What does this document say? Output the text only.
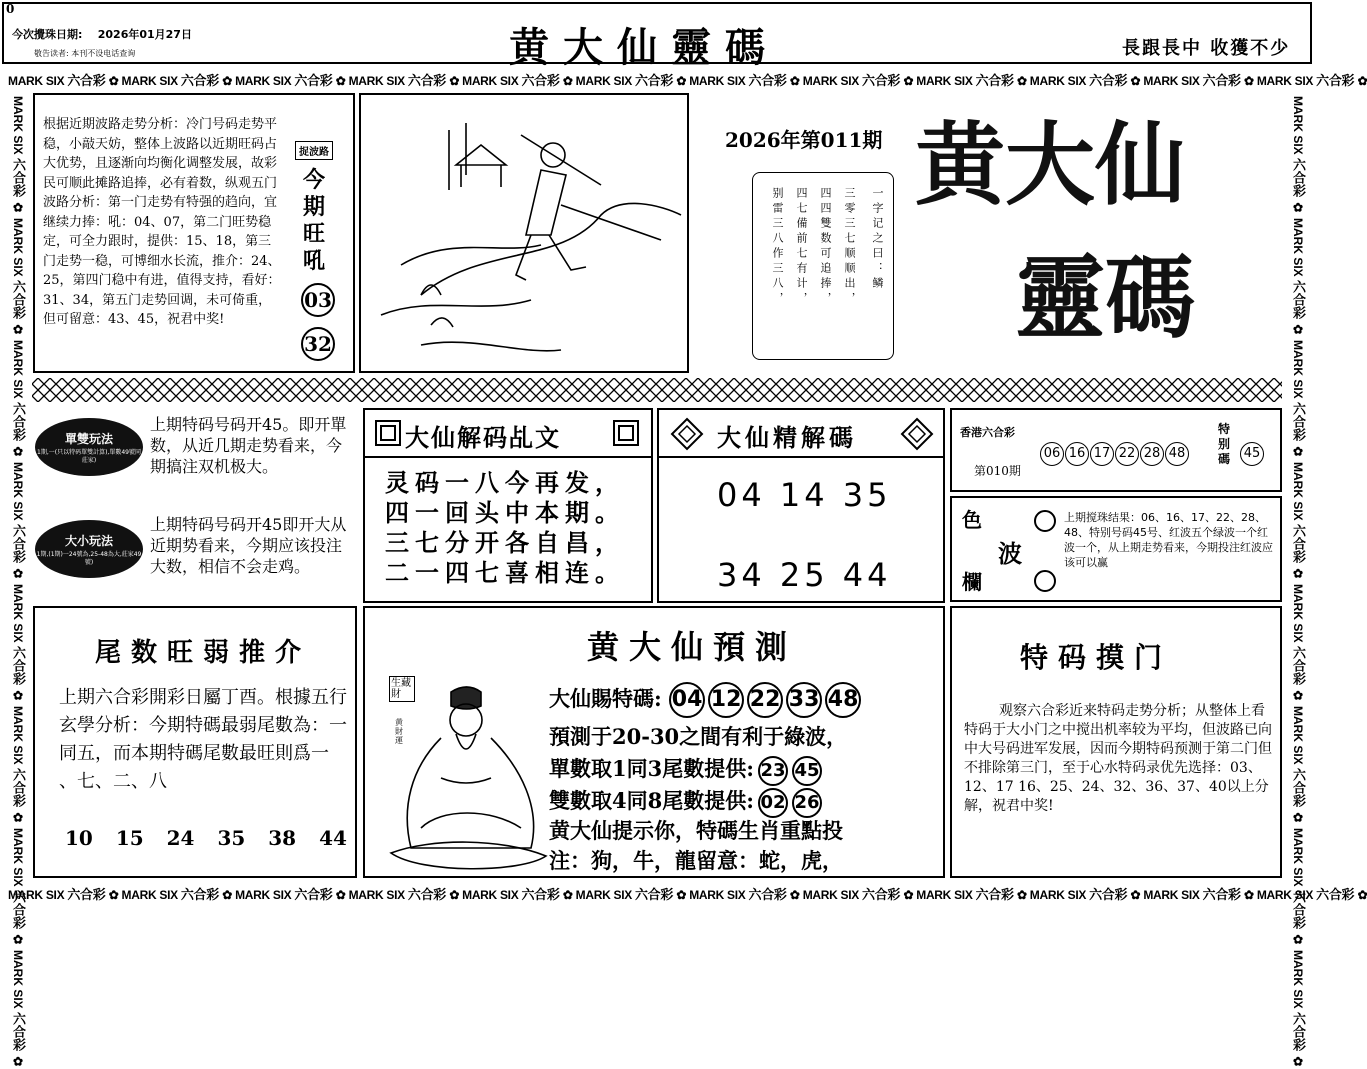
0
今次攪珠日期: 2026年01月27日
敬告读者: 本刊不设电话查询	黄大仙靈碼	長跟長中 收獲不少
MARK SIX 六合彩 ✿ MARK SIX 六合彩 ✿ MARK SIX 六合彩 ✿ MARK SIX 六合彩 ✿ MARK SIX 六合彩 ✿ MARK SIX 六合彩 ✿ MARK SIX 六合彩 ✿ MARK SIX 六合彩 ✿ MARK SIX 六合彩 ✿ MARK SIX 六合彩 ✿ MARK SIX 六合彩 ✿ MARK SIX 六合彩 ✿
MARK SIX 六合彩 ✿ MARK SIX 六合彩 ✿ MARK SIX 六合彩 ✿ MARK SIX 六合彩 ✿ MARK SIX 六合彩 ✿ MARK SIX 六合彩 ✿ MARK SIX 六合彩 ✿ MARK SIX 六合彩 ✿ MARK SIX 六合彩 ✿ MARK SIX 六合彩 ✿ MARK SIX 六合彩 ✿ MARK SIX 六合彩 ✿
MARK SIX 六合彩 ✿ MARK SIX 六合彩 ✿ MARK SIX 六合彩 ✿ MARK SIX 六合彩 ✿ MARK SIX 六合彩 ✿ MARK SIX 六合彩 ✿ MARK SIX 六合彩 ✿ MARK SIX 六合彩 ✿
MARK SIX 六合彩 ✿ MARK SIX 六合彩 ✿ MARK SIX 六合彩 ✿ MARK SIX 六合彩 ✿ MARK SIX 六合彩 ✿ MARK SIX 六合彩 ✿ MARK SIX 六合彩 ✿ MARK SIX 六合彩 ✿
根据近期波路走势分析：冷门号码走势平稳，小敲天妨，整体上波路以近期旺码占大优势，且逐渐向均衡化调整发展，故彩民可顺此摊路追捧，必有着数，纵观五门波路分析：第一门走势有特强的趋向，宜继续力捧：吼：04、07，第二门旺势稳定，可全力跟时，提供：15、18，第三门走势一稳，可博细水长流，推介：24、25，第四门稳中有进，值得支持，看好：31、34，第五门走势回调，未可倚重，但可留意：43、45，祝君中奖!
捉波路
今
期
旺
吼
03
32
2026年第011期
一字记之曰：鳞
三零三七顺顺出，
四四雙数可追捧，
四七備前七有计，
别雷三八作三八，
黄大仙
靈碼
單雙玩法
1期,一(只以特码單雙計算),單數49號同莊家)
上期特码号码开45。即开單数，从近几期走势看来，今期搞注双机极大。
大小玩法
1期,(1期)一24號為,25-48為大,莊家49號)
上期特码号码开45即开大从近期势看来，今期应该投注大数，相信不会走鸡。
大仙解码乩文
灵码一八今再发，
四一回头中本期。
三七分开各自昌，
二一四七喜相连。
大仙精解碼
04 14 35
34 25 44
香港六合彩
第010期
06 16 17 22 28 48
特别碼 45
色
波
欄
上期搅珠结果：06、16、17、22、28、48、特别号码45号、红波五个绿波一个红波一个，从上期走势看来，今期投注红波应该可以赢
尾数旺弱推介
上期六合彩開彩日屬丁酉。根據五行玄學分析：今期特碼最弱尾數為：一同五，而本期特碼尾數最旺則爲一 、七、二、八
10 15 24 35 38 44
黄大仙預測
生藏財
黄財運
大仙賜特碼: 04 12 22 33 48
預測于20-30之間有利于綠波，
單數取1同3尾數提供: 23 45
雙數取4同8尾數提供: 02 26
黄大仙提示你，特碼生肖重點投
注：狗，牛，龍留意：蛇，虎，
特码摸门
观察六合彩近来特码走势分析；从整体上看特码于大小门之中搅出机率较为平均，但波路已向中大号码进军发展，因而今期特码预测于第二门但不排除第三门，至于心水特码录优先选择：03、12、17 16、25、24、32、36、37、40以上分解，祝君中奖!
